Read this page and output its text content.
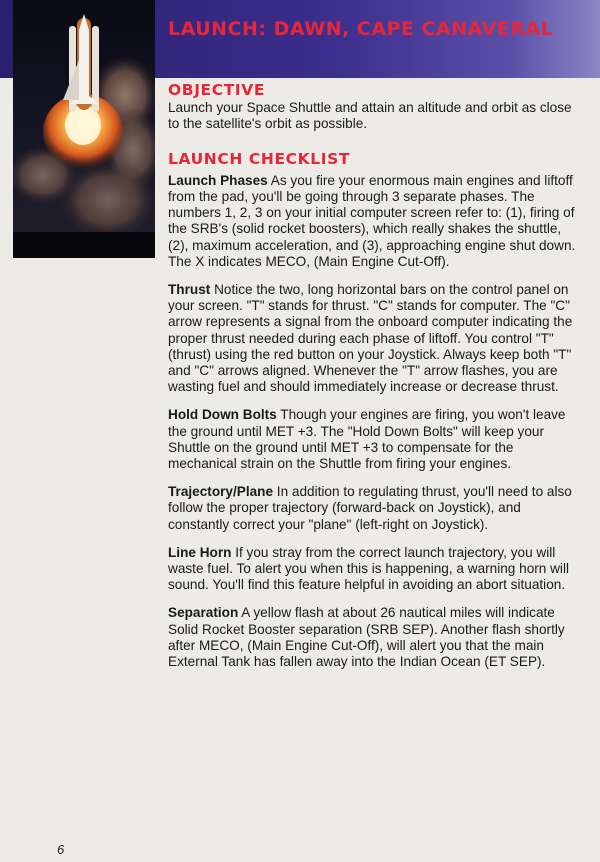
LAUNCH: DAWN, CAPE CANAVERAL
OBJECTIVE

Launch your Space Shuttle and attain an altitude and orbit as close to the satellite's orbit as possible.

LAUNCH CHECKLIST

Launch Phases As you fire your enormous main engines and liftoff from the pad, you'll be going through 3 separate phases. The numbers 1, 2, 3 on your initial computer screen refer to: (1), firing of the SRB's (solid rocket boosters), which really shakes the shuttle, (2), maximum acceleration, and (3), approaching engine shut down. The X indicates MECO, (Main Engine Cut-Off).

Thrust Notice the two, long horizontal bars on the control panel on your screen. "T" stands for thrust. "C" stands for computer. The "C" arrow represents a signal from the onboard computer indicating the proper thrust needed during each phase of liftoff. You control "T" (thrust) using the red button on your Joystick. Always keep both "T" and "C" arrows aligned. Whenever the "T" arrow flashes, you are wasting fuel and should immediately increase or decrease thrust.

Hold Down Bolts Though your engines are firing, you won't leave the ground until MET +3. The "Hold Down Bolts" will keep your Shuttle on the ground until MET +3 to compensate for the mechanical strain on the Shuttle from firing your engines.

Trajectory/Plane In addition to regulating thrust, you'll need to also follow the proper trajectory (forward-back on Joystick), and constantly correct your "plane" (left-right on Joystick).

Line Horn If you stray from the correct launch trajectory, you will waste fuel. To alert you when this is happening, a warning horn will sound. You'll find this feature helpful in avoiding an abort situation.

Separation A yellow flash at about 26 nautical miles will indicate Solid Rocket Booster separation (SRB SEP). Another flash shortly after MECO, (Main Engine Cut-Off), will alert you that the main External Tank has fallen away into the Indian Ocean (ET SEP).

6
